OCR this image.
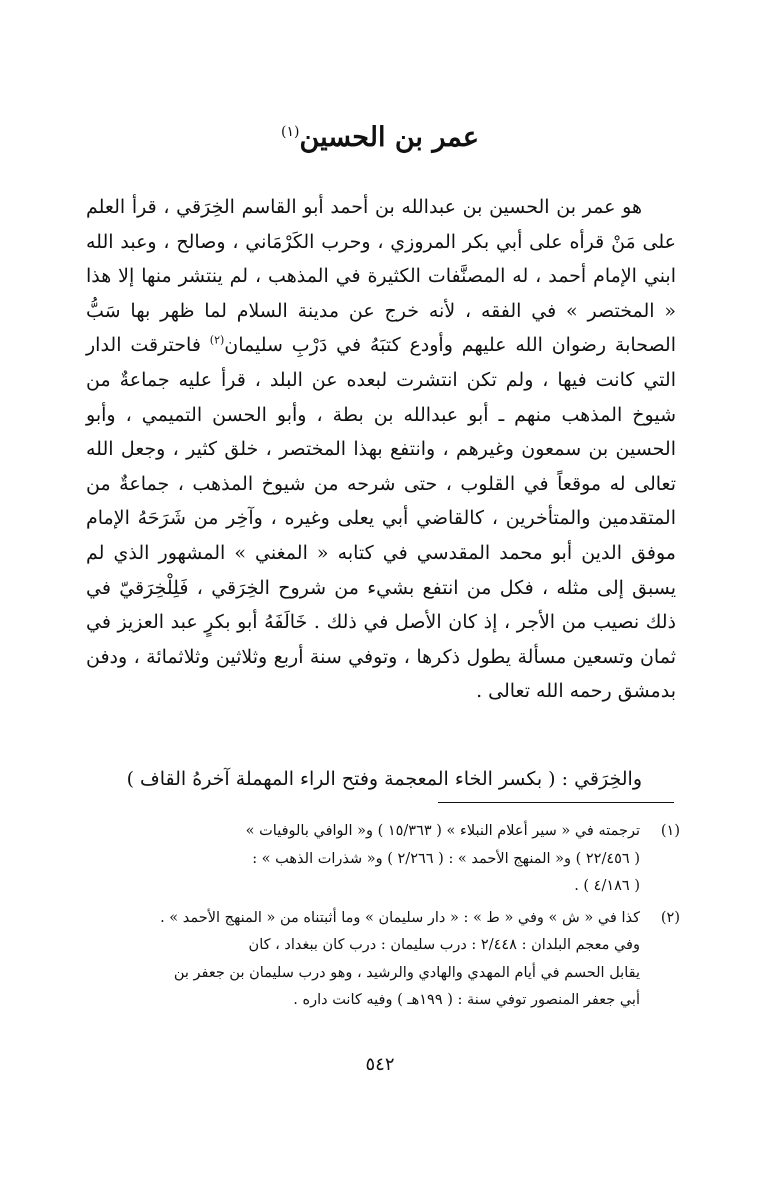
عمر بن الحسين$^{(١)}$

هو عمر بن الحسين بن عبدالله بن أحمد أبو القاسم الخِرَقي ، قرأ العلم على مَنْ قرأه على أبي بكر المروزي ، وحرب الكَرْمَاني ، وصالح ، وعبد الله ابني الإمام أحمد ، له المصنَّفات الكثيرة في المذهب ، لم ينتشر منها إلا هذا « المختصر » في الفقه ، لأنه خرج عن مدينة السلام لما ظهر بها سَبُّ الصحابة رضوان الله عليهم وأودع كتبَهُ في دَرْبِ سليمان$^{(٢)}$ فاحترقت الدار التي كانت فيها ، ولم تكن انتشرت لبعده عن البلد ، قرأ عليه جماعةٌ من شيوخ المذهب منهم ـ أبو عبدالله بن بطة ، وأبو الحسن التميمي ، وأبو الحسين بن سمعون وغيرهم ، وانتفع بهذا المختصر ، خلق كثير ، وجعل الله تعالى له موقعاً في القلوب ، حتى شرحه من شيوخ المذهب ، جماعةٌ من المتقدمين والمتأخرين ، كالقاضي أبي يعلى وغيره ، وآخِر من شَرَحَهُ الإمام موفق الدين أبو محمد المقدسي في كتابه « المغني » المشهور الذي لم يسبق إلى مثله ، فكل من انتفع بشيء من شروح الخِرَقي ، فَلِلْخِرَقيّ في ذلك نصيب من الأجر ، إذ كان الأصل في ذلك . خَالَفَهُ أبو بكرٍ عبد العزيز في ثمان وتسعين مسألة يطول ذكرها ، وتوفي سنة أربع وثلاثين وثلاثمائة ، ودفن بدمشق رحمه الله تعالى .

والخِرَقي : ( بكسر الخاء المعجمة وفتح الراء المهملة آخرهُ القاف )

(١)
ترجمته في « سير أعلام النبلاء » ( ١٥/٣٦٣ ) و« الوافي بالوفيات »
( ٢٢/٤٥٦ ) و« المنهج الأحمد » : ( ٢/٢٦٦ ) و« شذرات الذهب » :
( ٤/١٨٦ ) .
(٢)
كذا في « ش » وفي « ط » : « دار سليمان » وما أثبتناه من « المنهج الأحمد » .
وفي معجم البلدان : ٢/٤٤٨ : درب سليمان : درب كان ببغداد ، كان
يقابل الحسم في أيام المهدي والهادي والرشيد ، وهو درب سليمان بن جعفر بن
أبي جعفر المنصور توفي سنة : ( ١٩٩هـ ) وفيه كانت داره .
٥٤٢
